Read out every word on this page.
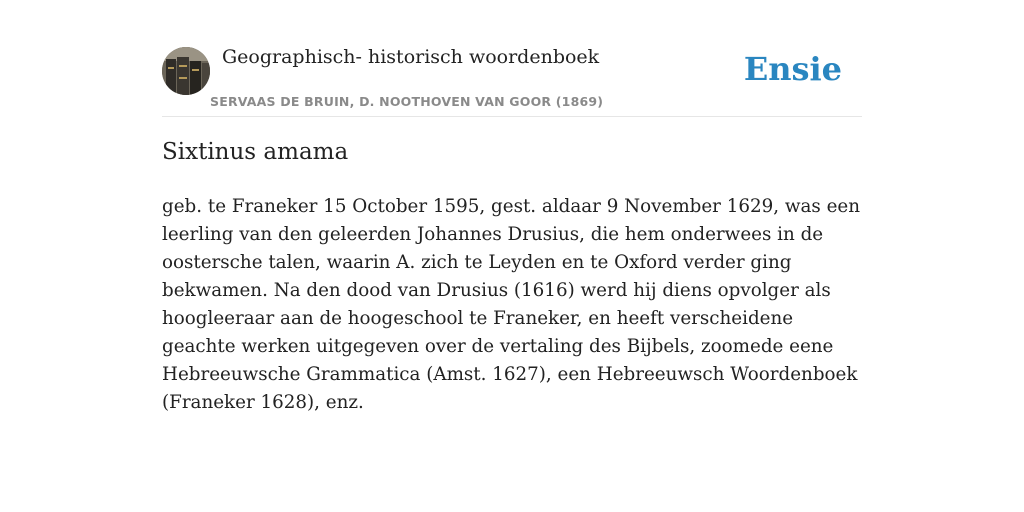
Geographisch- historisch woordenboek
SERVAAS DE BRUIN, D. NOOTHOVEN VAN GOOR (1869)
Ensie
Sixtinus amama

geb. te Franeker 15 October 1595, gest. aldaar 9 November 1629, was een leerling van den geleerden Johannes Drusius, die hem onderwees in de oostersche talen, waarin A. zich te Leyden en te Oxford verder ging bekwamen. Na den dood van Drusius (1616) werd hij diens opvolger als hoogleeraar aan de hoogeschool te Franeker, en heeft verscheidene geachte werken uitgegeven over de vertaling des Bijbels, zoomede eene Hebreeuwsche Grammatica (Amst. 1627), een Hebreeuwsch Woordenboek (Franeker 1628), enz.
